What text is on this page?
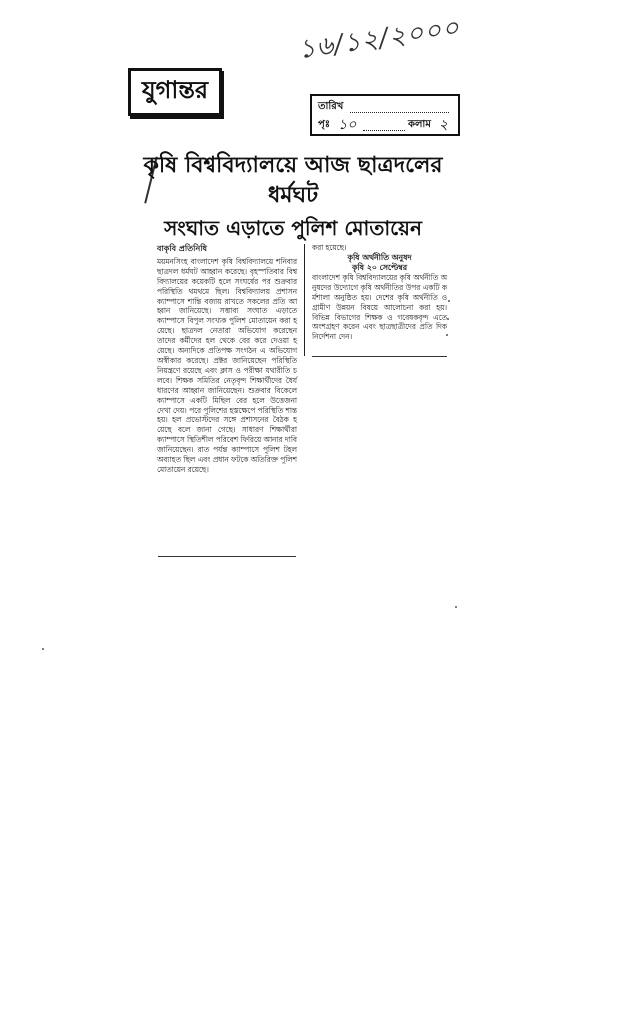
১৬/১২/২০০০
যুগান্তর
তারিখ
পৃঃ ১০	কলাম ২
কৃষি বিশ্ববিদ্যালয়ে আজ ছাত্রদলের ধর্মঘট
সংঘাত এড়াতে পুলিশ মোতায়েন
বাকৃবি প্রতিনিধি
ময়মনসিংহ বাংলাদেশ কৃষি বিশ্ববিদ্যালয়ে শনিবার ছাত্রদল ধর্মঘট আহ্বান করেছে। বৃহস্পতিবার বিশ্ববিদ্যালয়ের কয়েকটি হলে সংঘর্ষের পর শুক্রবার পরিস্থিতি থমথমে ছিল। বিশ্ববিদ্যালয় প্রশাসন ক্যাম্পাসে শান্তি বজায় রাখতে সকলের প্রতি আহ্বান জানিয়েছে। সম্ভাব্য সংঘাত এড়াতে ক্যাম্পাসে বিপুল সংখ্যক পুলিশ মোতায়েন করা হয়েছে। ছাত্রদল নেতারা অভিযোগ করেছেন তাদের কর্মীদের হল থেকে বের করে দেওয়া হয়েছে। অন্যদিকে প্রতিপক্ষ সংগঠন এ অভিযোগ অস্বীকার করেছে। প্রক্টর জানিয়েছেন পরিস্থিতি নিয়ন্ত্রণে রয়েছে এবং ক্লাস ও পরীক্ষা যথারীতি চলবে। শিক্ষক সমিতির নেতৃবৃন্দ শিক্ষার্থীদের ধৈর্য ধারণের আহ্বান জানিয়েছেন। শুক্রবার বিকেলে ক্যাম্পাসে একটি মিছিল বের হলে উত্তেজনা দেখা দেয়। পরে পুলিশের হস্তক্ষেপে পরিস্থিতি শান্ত হয়। হল প্রভোস্টদের সঙ্গে প্রশাসনের বৈঠক হয়েছে বলে জানা গেছে। সাধারণ শিক্ষার্থীরা ক্যাম্পাসে স্থিতিশীল পরিবেশ ফিরিয়ে আনার দাবি জানিয়েছেন। রাত পর্যন্ত ক্যাম্পাসে পুলিশ টহল অব্যাহত ছিল এবং প্রধান ফটকে অতিরিক্ত পুলিশ মোতায়েন রয়েছে।
করা হয়েছে।
কৃষি অর্থনীতি অনুষদ
কৃষি ২০ সেপ্টেম্বর
বাংলাদেশ কৃষি বিশ্ববিদ্যালয়ের কৃষি অর্থনীতি অনুষদের উদ্যোগে কৃষি অর্থনীতির উপর একটি কর্মশালা অনুষ্ঠিত হয়। দেশের কৃষি অর্থনীতি ও গ্রামীণ উন্নয়ন বিষয়ে আলোচনা করা হয়। বিভিন্ন বিভাগের শিক্ষক ও গবেষকবৃন্দ এতে অংশগ্রহণ করেন এবং ছাত্রছাত্রীদের প্রতি দিকনির্দেশনা দেন।
